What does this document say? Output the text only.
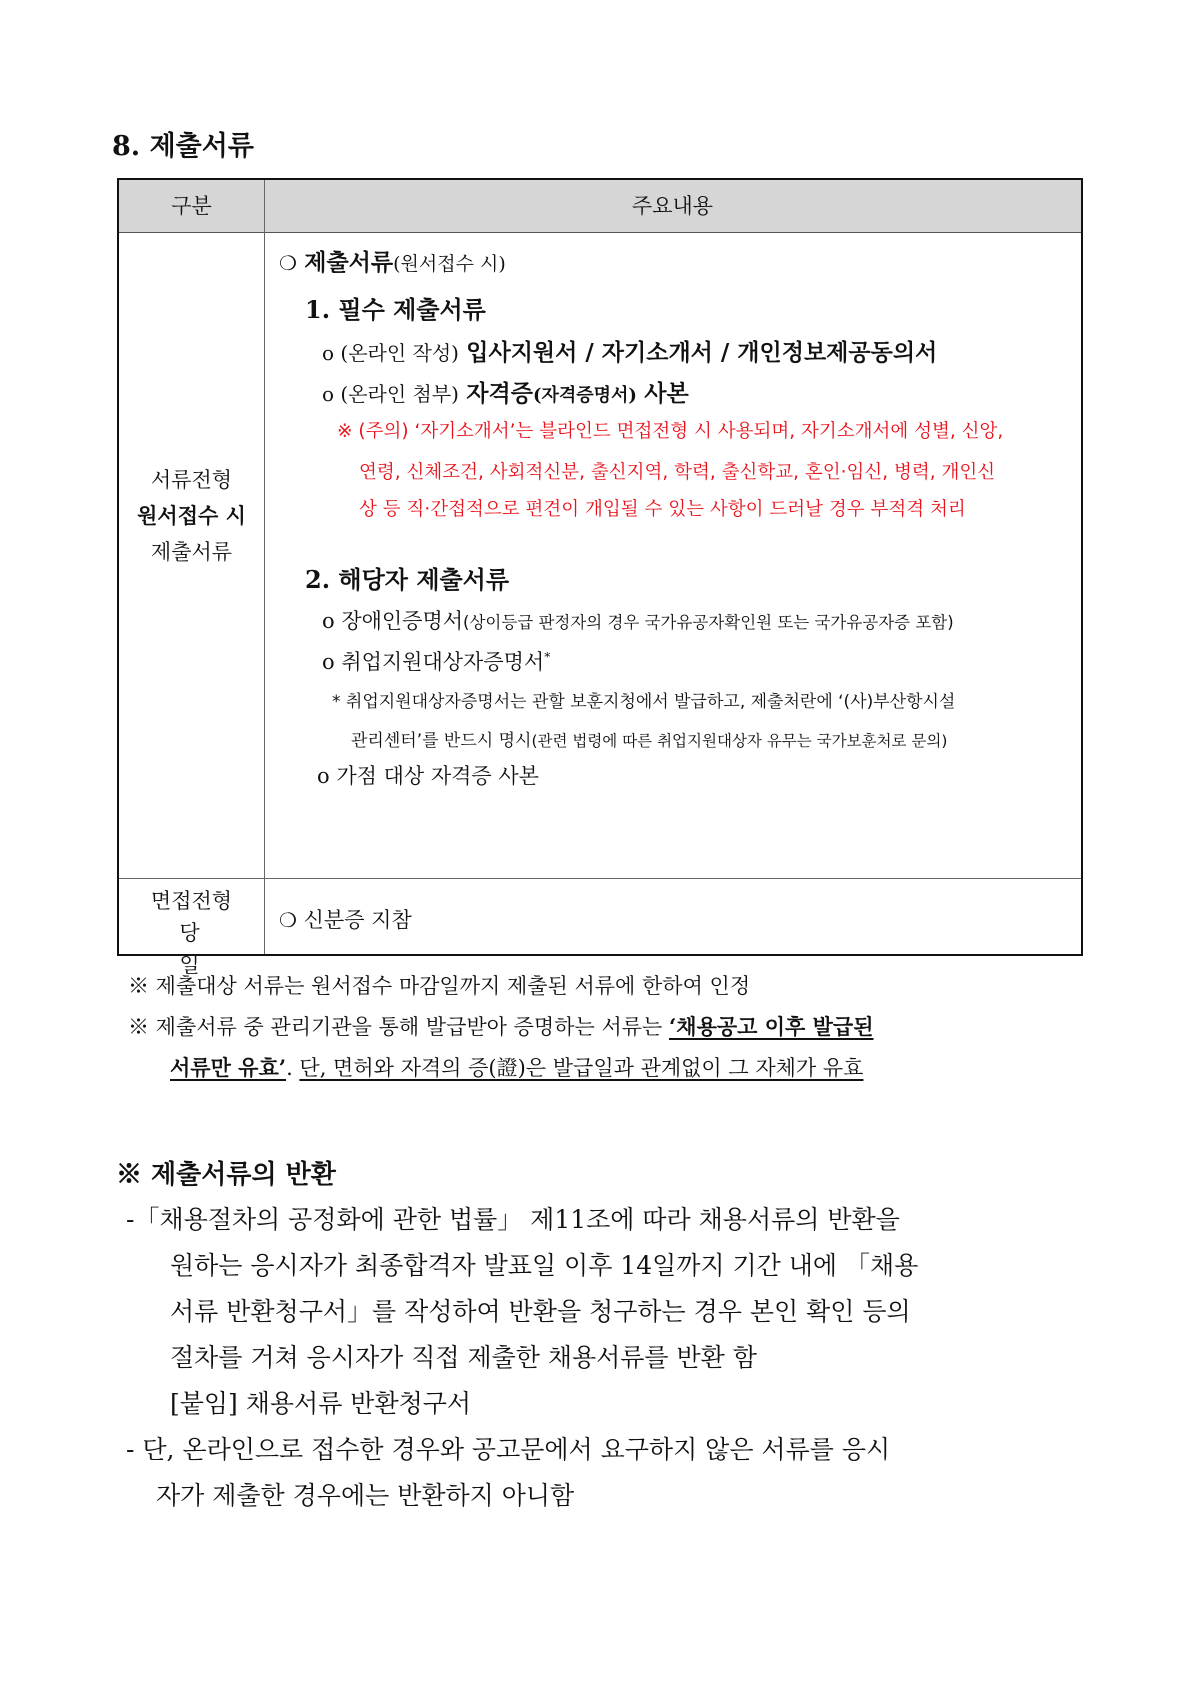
8. 제출서류
구분	주요내용
서류전형
원서접수 시
제출서류
❍ 제출서류(원서접수 시)
1. 필수 제출서류
o (온라인 작성) 입사지원서 / 자기소개서 / 개인정보제공동의서
o (온라인 첨부) 자격증(자격증명서) 사본
※ (주의) ‘자기소개서’는 블라인드 면접전형 시 사용되며, 자기소개서에 성별, 신앙,
연령, 신체조건, 사회적신분, 출신지역, 학력, 출신학교, 혼인·임신, 병력, 개인신
상 등 직·간접적으로 편견이 개입될 수 있는 사항이 드러날 경우 부적격 처리
2. 해당자 제출서류
o 장애인증명서(상이등급 판정자의 경우 국가유공자확인원 또는 국가유공자증 포함)
o 취업지원대상자증명서*
* 취업지원대상자증명서는 관할 보훈지청에서 발급하고, 제출처란에 ‘(사)부산항시설
관리센터’를 반드시 명시(관련 법령에 따른 취업지원대상자 유무는 국가보훈처로 문의)
o 가점 대상 자격증 사본
면접전형
당 일
❍ 신분증 지참
※ 제출대상 서류는 원서접수 마감일까지 제출된 서류에 한하여 인정
※ 제출서류 중 관리기관을 통해 발급받아 증명하는 서류는 ‘채용공고 이후 발급된
서류만 유효’. 단, 면허와 자격의 증(證)은 발급일과 관계없이 그 자체가 유효
※ 제출서류의 반환
-「채용절차의 공정화에 관한 법률」 제11조에 따라 채용서류의 반환을
원하는 응시자가 최종합격자 발표일 이후 14일까지 기간 내에 「채용
서류 반환청구서」를 작성하여 반환을 청구하는 경우 본인 확인 등의
절차를 거쳐 응시자가 직접 제출한 채용서류를 반환 함
[붙임] 채용서류 반환청구서
- 단, 온라인으로 접수한 경우와 공고문에서 요구하지 않은 서류를 응시
자가 제출한 경우에는 반환하지 아니함
